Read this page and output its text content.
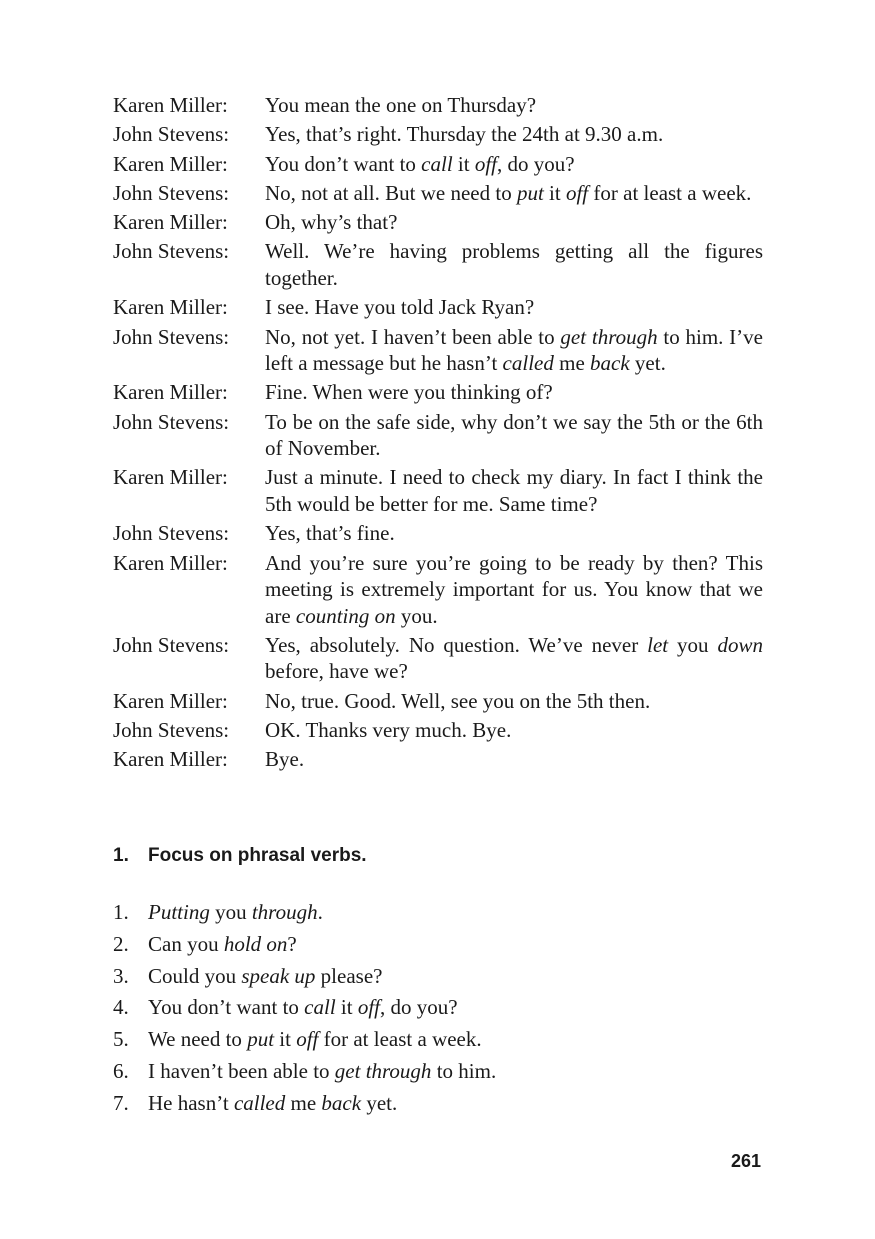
Karen Miller:	You mean the one on Thursday?
John Stevens:	Yes, that’s right. Thursday the 24th at 9.30 a.m.
Karen Miller:	You don’t want to call it off, do you?
John Stevens:	No, not at all. But we need to put it off for at least a week.
Karen Miller:	Oh, why’s that?
John Stevens:	Well. We’re having problems getting all the figures together.
Karen Miller:	I see. Have you told Jack Ryan?
John Stevens:	No, not yet. I haven’t been able to get through to him. I’ve left a message but he hasn’t called me back yet.
Karen Miller:	Fine. When were you thinking of?
John Stevens:	To be on the safe side, why don’t we say the 5th or the 6th of November.
Karen Miller:	Just a minute. I need to check my diary. In fact I think the 5th would be better for me. Same time?
John Stevens:	Yes, that’s fine.
Karen Miller:	And you’re sure you’re going to be ready by then? This meeting is extremely important for us. You know that we are counting on you.
John Stevens:	Yes, absolutely. No question. We’ve never let you down before, have we?
Karen Miller:	No, true. Good. Well, see you on the 5th then.
John Stevens:	OK. Thanks very much. Bye.
Karen Miller:	Bye.
1. Focus on phrasal verbs.
1. Putting you through.
2. Can you hold on?
3. Could you speak up please?
4. You don’t want to call it off, do you?
5. We need to put it off for at least a week.
6. I haven’t been able to get through to him.
7. He hasn’t called me back yet.
261
